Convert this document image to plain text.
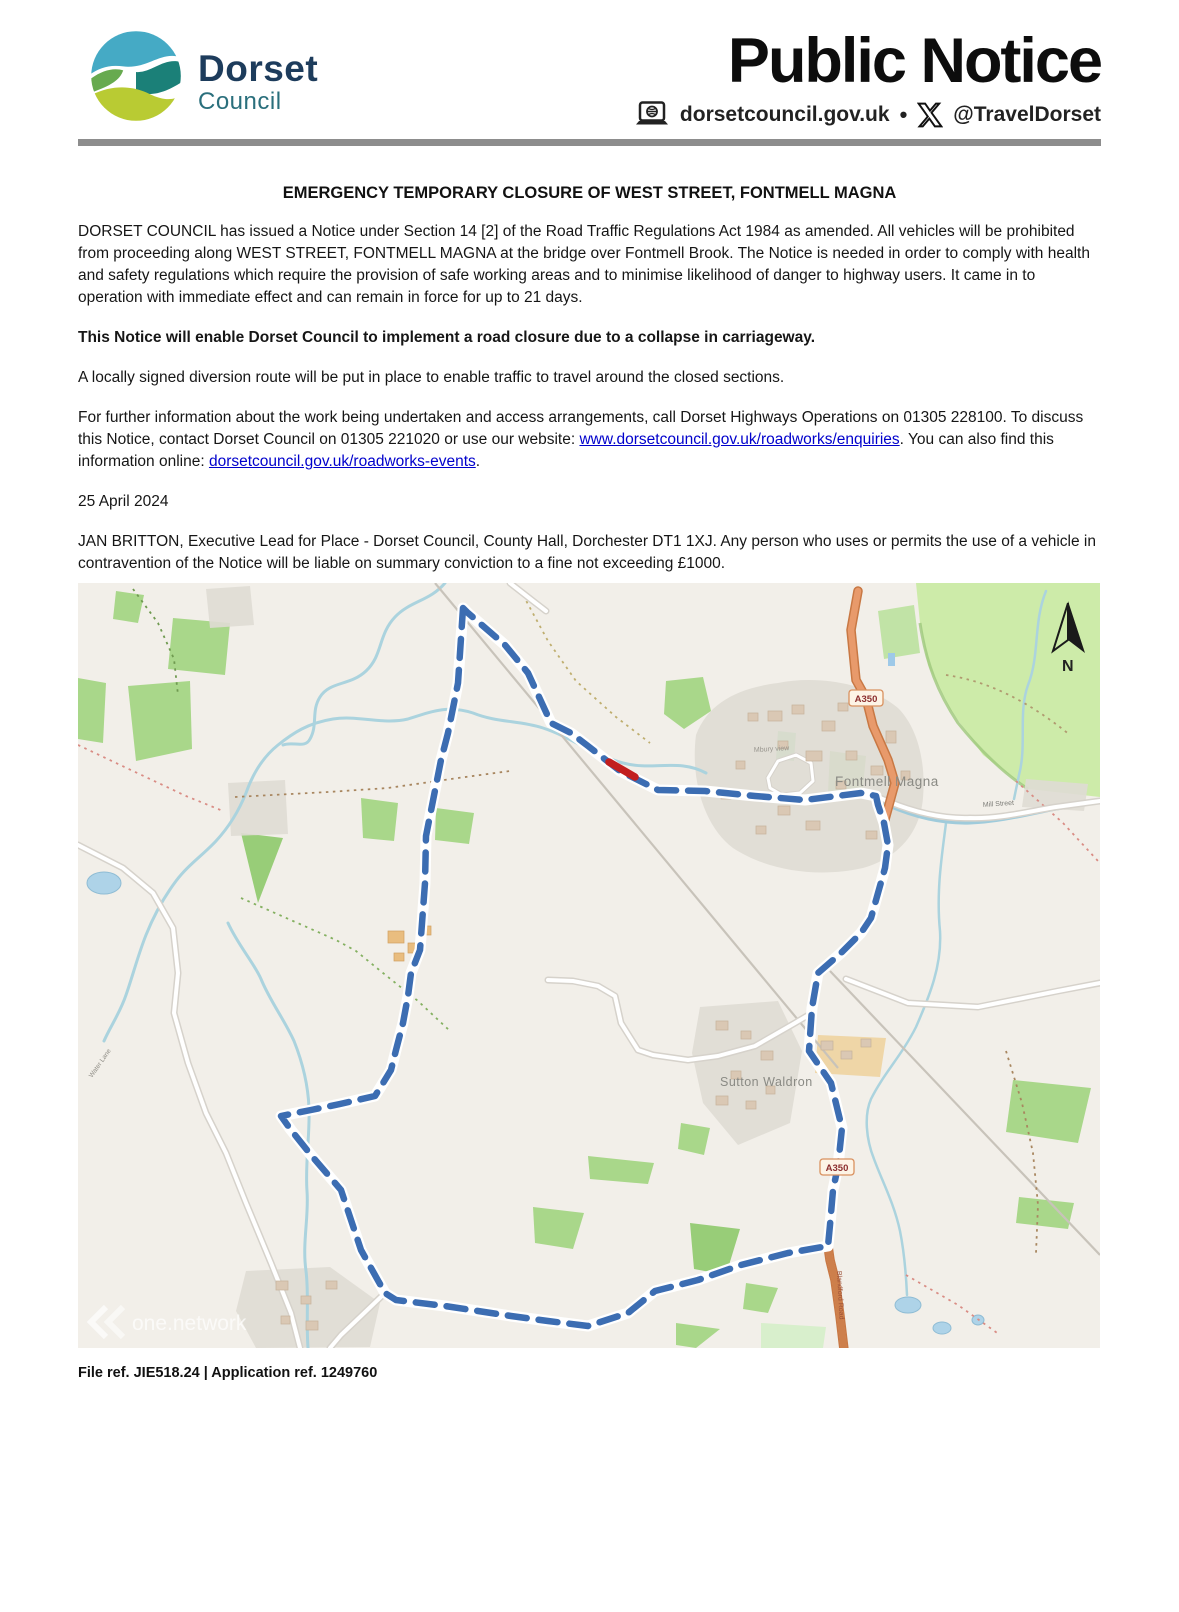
Dorset
Council
Public Notice
dorsetcouncil.gov.uk • @TravelDorset
EMERGENCY TEMPORARY CLOSURE OF WEST STREET, FONTMELL MAGNA

DORSET COUNCIL has issued a Notice under Section 14 [2] of the Road Traffic Regulations Act 1984 as amended. All vehicles will be prohibited from proceeding along WEST STREET, FONTMELL MAGNA at the bridge over Fontmell Brook. The Notice is needed in order to comply with health and safety regulations which require the provision of safe working areas and to minimise likelihood of danger to highway users. It came in to operation with immediate effect and can remain in force for up to 21 days.

This Notice will enable Dorset Council to implement a road closure due to a collapse in carriageway.

A locally signed diversion route will be put in place to enable traffic to travel around the closed sections.

For further information about the work being undertaken and access arrangements, call Dorset Highways Operations on 01305 228100. To discuss this Notice, contact Dorset Council on 01305 221020 or use our website: www.dorsetcouncil.gov.uk/roadworks/enquiries. You can also find this information online: dorsetcouncil.gov.uk/roadworks-events.

25 April 2024

JAN BRITTON, Executive Lead for Place - Dorset Council, County Hall, Dorchester DT1 1XJ. Any person who uses or permits the use of a vehicle in contravention of the Notice will be liable on summary conviction to a fine not exceeding £1000.

A350
A350
Fontmell Magna
Sutton Waldron
Mill Street
Mbury view
Blandford Road
Water Lane
N
one.network

File ref. JIE518.24 | Application ref. 1249760
